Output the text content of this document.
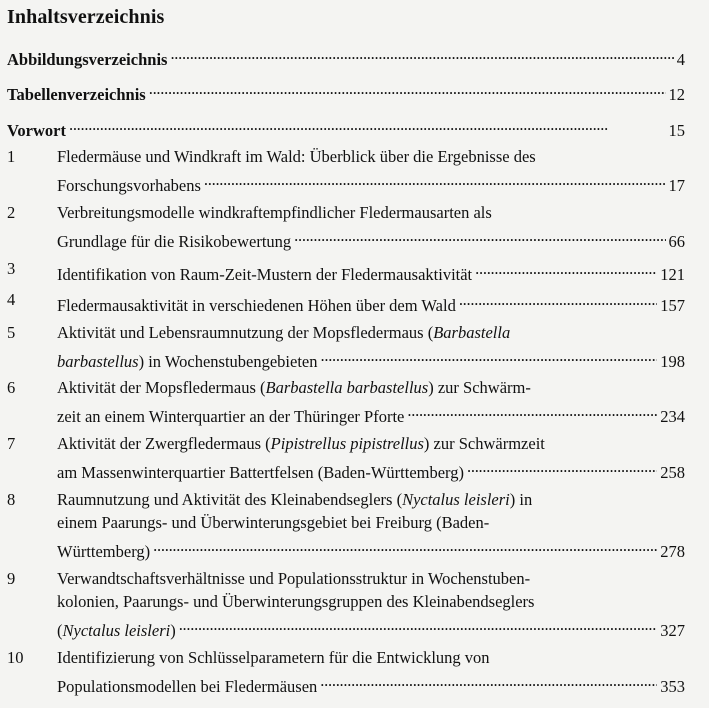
Inhaltsverzeichnis
Abbildungsverzeichnis . . .	4
Tabellenverzeichnis . . .	12
Vorwort . . .	15
1	Fledermäuse und Windkraft im Wald: Überblick über die Ergebnisse des
Forschungsvorhabens . . .	17
2	Verbreitungsmodelle windkraftempfindlicher Fledermausarten als
Grundlage für die Risikobewertung . . .	66
3	Identifikation von Raum-Zeit-Mustern der Fledermausaktivität . . .	121
4	Fledermausaktivität in verschiedenen Höhen über dem Wald . . .	157
5	Aktivität und Lebensraumnutzung der Mopsfledermaus (Barbastella
barbastellus) in Wochenstubengebieten . . .	198
6	Aktivität der Mopsfledermaus (Barbastella barbastellus) zur Schwärm-
zeit an einem Winterquartier an der Thüringer Pforte . . .	234
7	Aktivität der Zwergfledermaus (Pipistrellus pipistrellus) zur Schwärmzeit
am Massenwinterquartier Battertfelsen (Baden-Württemberg) . . .	258
8	Raumnutzung und Aktivität des Kleinabendseglers (Nyctalus leisleri) in
einem Paarungs- und Überwinterungsgebiet bei Freiburg (Baden-
Württemberg) . . .	278
9	Verwandtschaftsverhältnisse und Populationsstruktur in Wochenstuben-
kolonien, Paarungs- und Überwinterungsgruppen des Kleinabendseglers
(Nyctalus leisleri) . . .	327
10 Identifizierung von Schlüsselparametern für die Entwicklung von
Populationsmodellen bei Fledermäusen . . .	353
